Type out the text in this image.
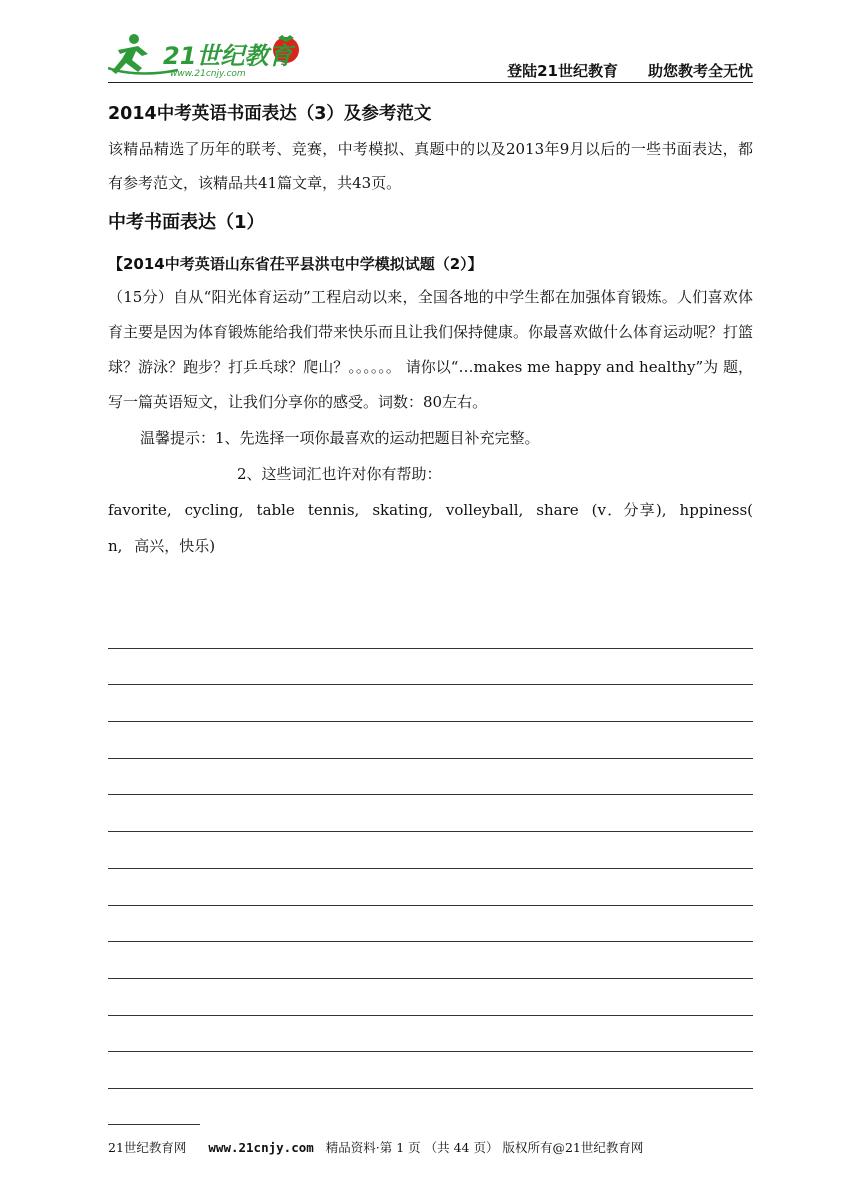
21世纪教育
www.21cnjy.com	登陆21世纪教育 助您教考全无忧

2014中考英语书面表达（3）及参考范文

该精品精选了历年的联考、竞赛，中考模拟、真题中的以及2013年9月以后的一些书面表达，都有参考范文，该精品共41篇文章，共43页。

中考书面表达（1）

【2014中考英语山东省茌平县洪屯中学模拟试题（2）】

（15分）自从“阳光体育运动”工程启动以来，全国各地的中学生都在加强体育锻炼。人们喜欢体育主要是因为体育锻炼能给我们带来快乐而且让我们保持健康。你最喜欢做什么体育运动呢？打篮球？游泳？跑步？打乒乓球？爬山？。。。。。。 请你以“…makes me happy and healthy”为 题，写一篇英语短文，让我们分享你的感受。词数：80左右。

温馨提示：1、先选择一项你最喜欢的运动把题目补充完整。

2、这些词汇也许对你有帮助：

favorite, cycling, table tennis, skating, volleyball, share (v．分享), hppiness( n, 高兴，快乐)

21世纪教育网 www.21cnjy.com 精品资料·第 1 页 （共 44 页） 版权所有@21世纪教育网
